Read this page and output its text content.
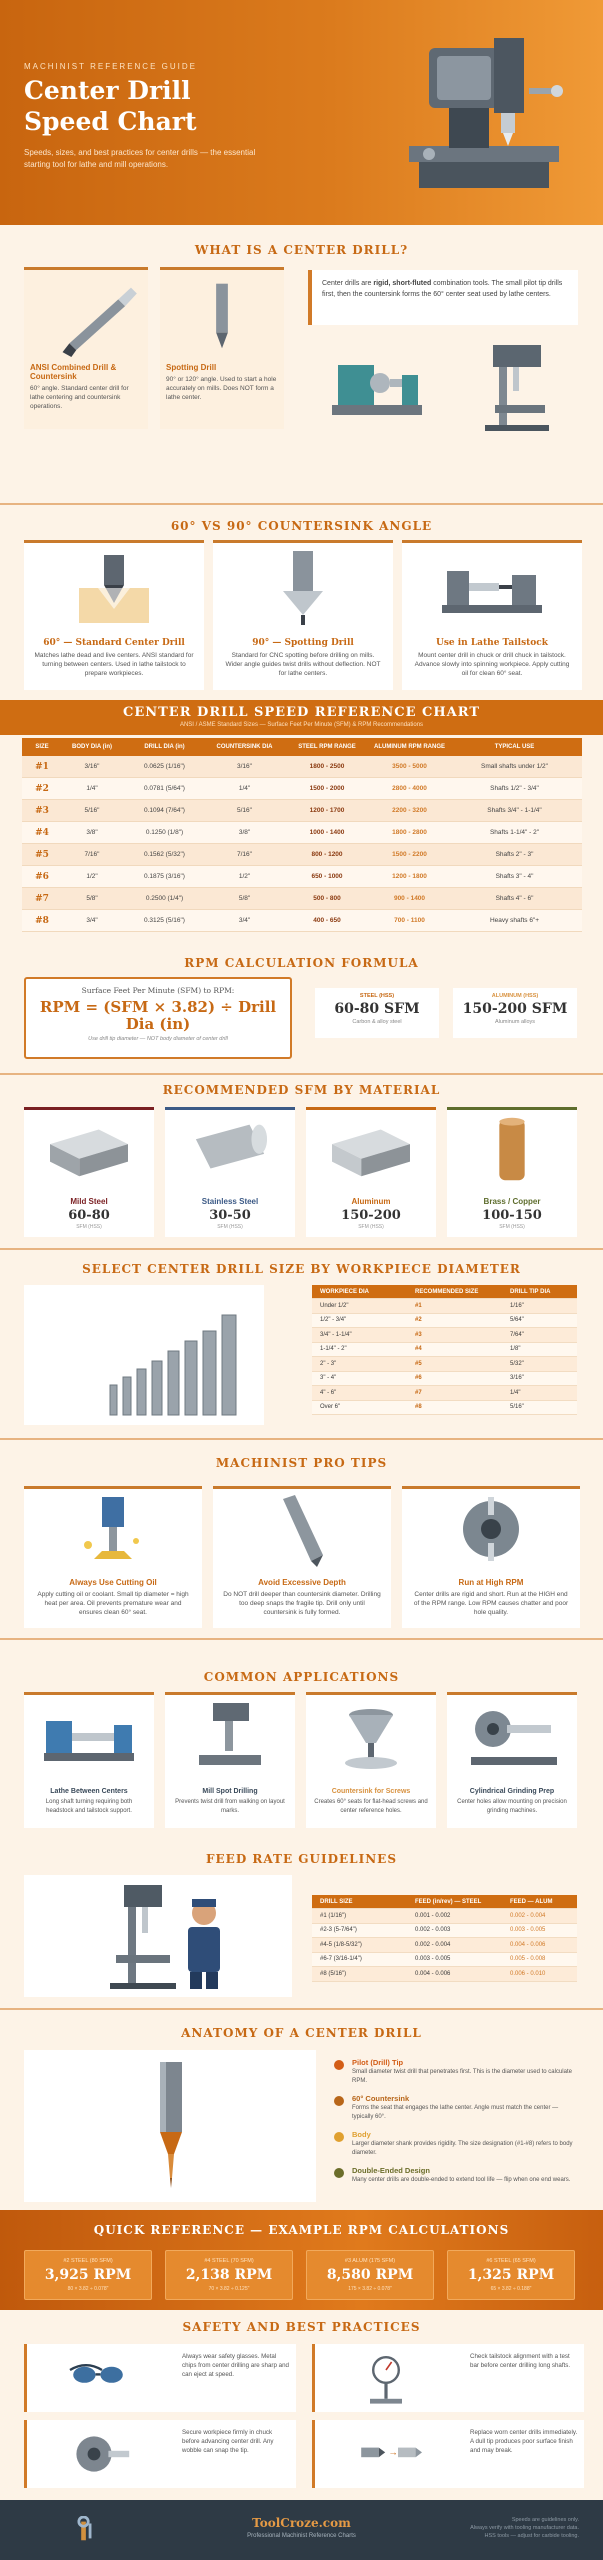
MACHINIST REFERENCE GUIDE
Center Drill
Speed Chart
Speeds, sizes, and best practices for center drills — the essential starting tool for lathe and mill operations.
WHAT IS A CENTER DRILL?
ANSI Combined Drill & Countersink
60° angle. Standard center drill for lathe centering and countersink operations.
Spotting Drill
90° or 120° angle. Used to start a hole accurately on mills. Does NOT form a lathe center.
Center drills are rigid, short-fluted combination tools. The small pilot tip drills first, then the countersink forms the 60° center seat used by lathe centers.
60° VS 90° COUNTERSINK ANGLE
60° — Standard Center Drill
Matches lathe dead and live centers. ANSI standard for turning between centers. Used in lathe tailstock to prepare workpieces.
90° — Spotting Drill
Standard for CNC spotting before drilling on mills. Wider angle guides twist drills without deflection. NOT for lathe centers.
Use in Lathe Tailstock
Mount center drill in chuck or drill chuck in tailstock. Advance slowly into spinning workpiece. Apply cutting oil for clean 60° seat.
CENTER DRILL SPEED REFERENCE CHART
ANSI / ASME Standard Sizes — Surface Feet Per Minute (SFM) & RPM Recommendations
SIZE	BODY DIA (in)	DRILL DIA (in)	COUNTERSINK DIA	STEEL RPM RANGE	ALUMINUM RPM RANGE	TYPICAL USE
#1	3/16"	0.0625 (1/16")	3/16"	1800 - 2500	3500 - 5000	Small shafts under 1/2"
#2	1/4"	0.0781 (5/64")	1/4"	1500 - 2000	2800 - 4000	Shafts 1/2" - 3/4"
#3	5/16"	0.1094 (7/64")	5/16"	1200 - 1700	2200 - 3200	Shafts 3/4" - 1-1/4"
#4	3/8"	0.1250 (1/8")	3/8"	1000 - 1400	1800 - 2800	Shafts 1-1/4" - 2"
#5	7/16"	0.1562 (5/32")	7/16"	800 - 1200	1500 - 2200	Shafts 2" - 3"
#6	1/2"	0.1875 (3/16")	1/2"	650 - 1000	1200 - 1800	Shafts 3" - 4"
#7	5/8"	0.2500 (1/4")	5/8"	500 - 800	900 - 1400	Shafts 4" - 6"
#8	3/4"	0.3125 (5/16")	3/4"	400 - 650	700 - 1100	Heavy shafts 6"+
RPM CALCULATION FORMULA
Surface Feet Per Minute (SFM) to RPM:
RPM = (SFM × 3.82) ÷ Drill Dia (in)
Use drill tip diameter — NOT body diameter of center drill
STEEL (HSS)
60-80 SFM
Carbon & alloy steel
ALUMINUM (HSS)
150-200 SFM
Aluminum alloys
RECOMMENDED SFM BY MATERIAL
Mild Steel
60-80
SFM (HSS)
Stainless Steel
30-50
SFM (HSS)
Aluminum
150-200
SFM (HSS)
Brass / Copper
100-150
SFM (HSS)
SELECT CENTER DRILL SIZE BY WORKPIECE DIAMETER
WORKPIECE DIA	RECOMMENDED SIZE	DRILL TIP DIA
Under 1/2"	#1	1/16"
1/2" - 3/4"	#2	5/64"
3/4" - 1-1/4"	#3	7/64"
1-1/4" - 2"	#4	1/8"
2" - 3"	#5	5/32"
3" - 4"	#6	3/16"
4" - 6"	#7	1/4"
Over 6"	#8	5/16"
MACHINIST PRO TIPS
Always Use Cutting Oil
Apply cutting oil or coolant. Small tip diameter = high heat per area. Oil prevents premature wear and ensures clean 60° seat.
Avoid Excessive Depth
Do NOT drill deeper than countersink diameter. Drilling too deep snaps the fragile tip. Drill only until countersink is fully formed.
Run at High RPM
Center drills are rigid and short. Run at the HIGH end of the RPM range. Low RPM causes chatter and poor hole quality.
COMMON APPLICATIONS
Lathe Between Centers
Long shaft turning requiring both headstock and tailstock support.
Mill Spot Drilling
Prevents twist drill from walking on layout marks.
Countersink for Screws
Creates 60° seats for flat-head screws and center reference holes.
Cylindrical Grinding Prep
Center holes allow mounting on precision grinding machines.
FEED RATE GUIDELINES
DRILL SIZE	FEED (in/rev) — STEEL	FEED — ALUM
#1 (1/16")	0.001 - 0.002	0.002 - 0.004
#2-3 (5-7/64")	0.002 - 0.003	0.003 - 0.005
#4-5 (1/8-5/32")	0.002 - 0.004	0.004 - 0.006
#6-7 (3/16-1/4")	0.003 - 0.005	0.005 - 0.008
#8 (5/16")	0.004 - 0.006	0.006 - 0.010
ANATOMY OF A CENTER DRILL
Pilot (Drill) Tip
Small diameter twist drill that penetrates first. This is the diameter used to calculate RPM.
60° Countersink
Forms the seat that engages the lathe center. Angle must match the center — typically 60°.
Body
Larger diameter shank provides rigidity. The size designation (#1-#8) refers to body diameter.
Double-Ended Design
Many center drills are double-ended to extend tool life — flip when one end wears.
QUICK REFERENCE — EXAMPLE RPM CALCULATIONS
#2 STEEL (80 SFM)
3,925 RPM
80 × 3.82 ÷ 0.078"
#4 STEEL (70 SFM)
2,138 RPM
70 × 3.82 ÷ 0.125"
#3 ALUM (175 SFM)
8,580 RPM
175 × 3.82 ÷ 0.078"
#6 STEEL (65 SFM)
1,325 RPM
65 × 3.82 ÷ 0.188"
SAFETY AND BEST PRACTICES
Always wear safety glasses. Metal chips from center drilling are sharp and can eject at speed.
Check tailstock alignment with a test bar before center drilling long shafts.
Secure workpiece firmly in chuck before advancing center drill. Any wobble can snap the tip.	→
Replace worn center drills immediately. A dull tip produces poor surface finish and may break.
ToolCroze.com
Professional Machinist Reference Charts
Speeds are guidelines only.
Always verify with tooling manufacturer data.
HSS tools — adjust for carbide tooling.
